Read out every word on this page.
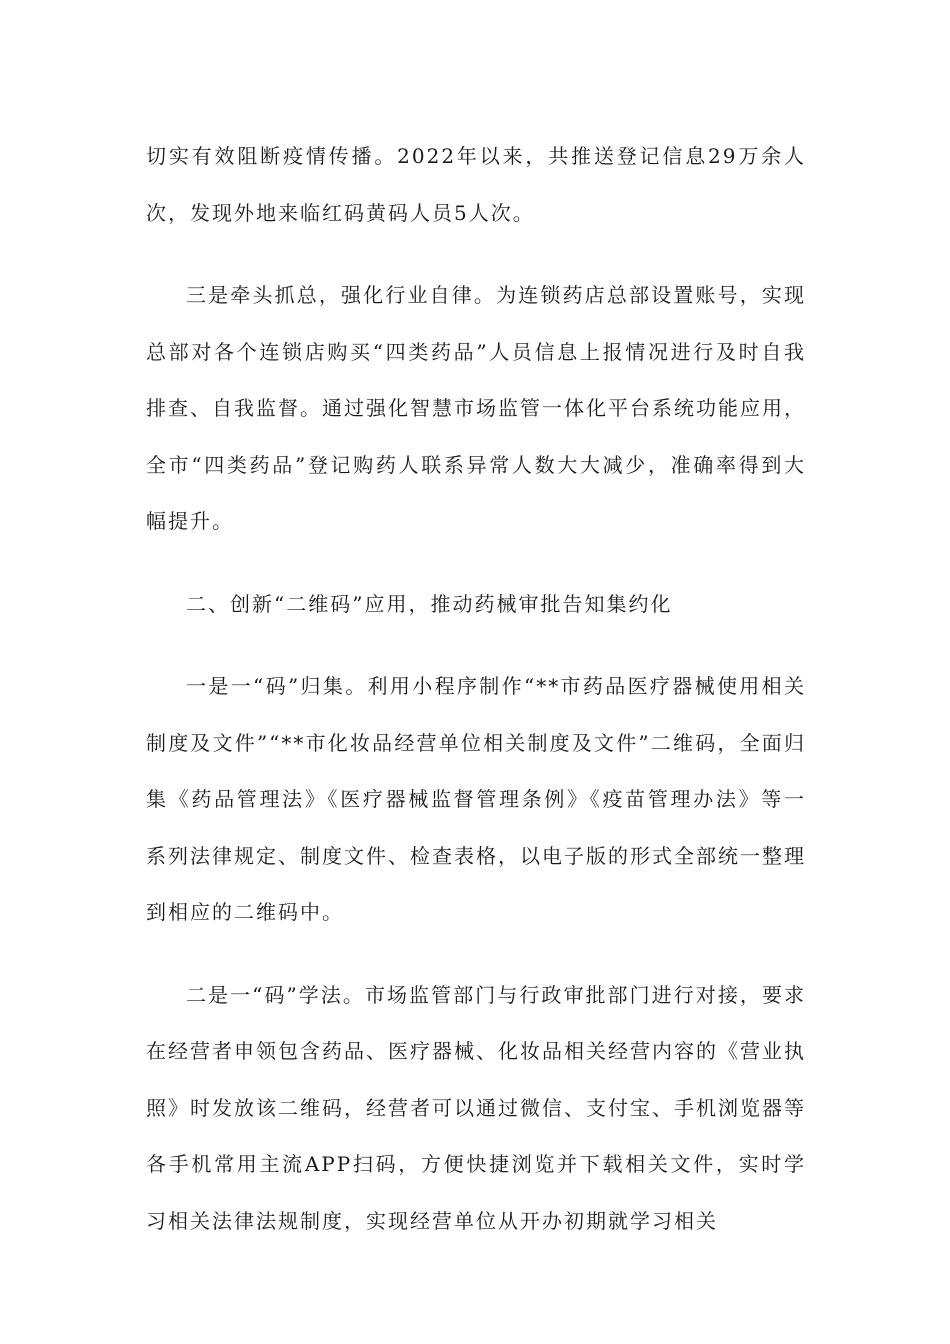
切实有效阻断疫情传播。2022年以来，共推送登记信息29万余人次，发现外地来临红码黄码人员5人次。

三是牵头抓总，强化行业自律。为连锁药店总部设置账号，实现总部对各个连锁店购买“四类药品”人员信息上报情况进行及时自我排查、自我监督。通过强化智慧市场监管一体化平台系统功能应用，全市“四类药品”登记购药人联系异常人数大大减少，准确率得到大幅提升。

二、创新“二维码”应用，推动药械审批告知集约化

一是一“码”归集。利用小程序制作“**市药品医疗器械使用相关制度及文件”“**市化妆品经营单位相关制度及文件”二维码，全面归集《药品管理法》《医疗器械监督管理条例》《疫苗管理办法》等一系列法律规定、制度文件、检查表格，以电子版的形式全部统一整理到相应的二维码中。

二是一“码”学法。市场监管部门与行政审批部门进行对接，要求在经营者申领包含药品、医疗器械、化妆品相关经营内容的《营业执照》时发放该二维码，经营者可以通过微信、支付宝、手机浏览器等各手机常用主流APP扫码，方便快捷浏览并下载相关文件，实时学习相关法律法规制度，实现经营单位从开办初期就学习相关
